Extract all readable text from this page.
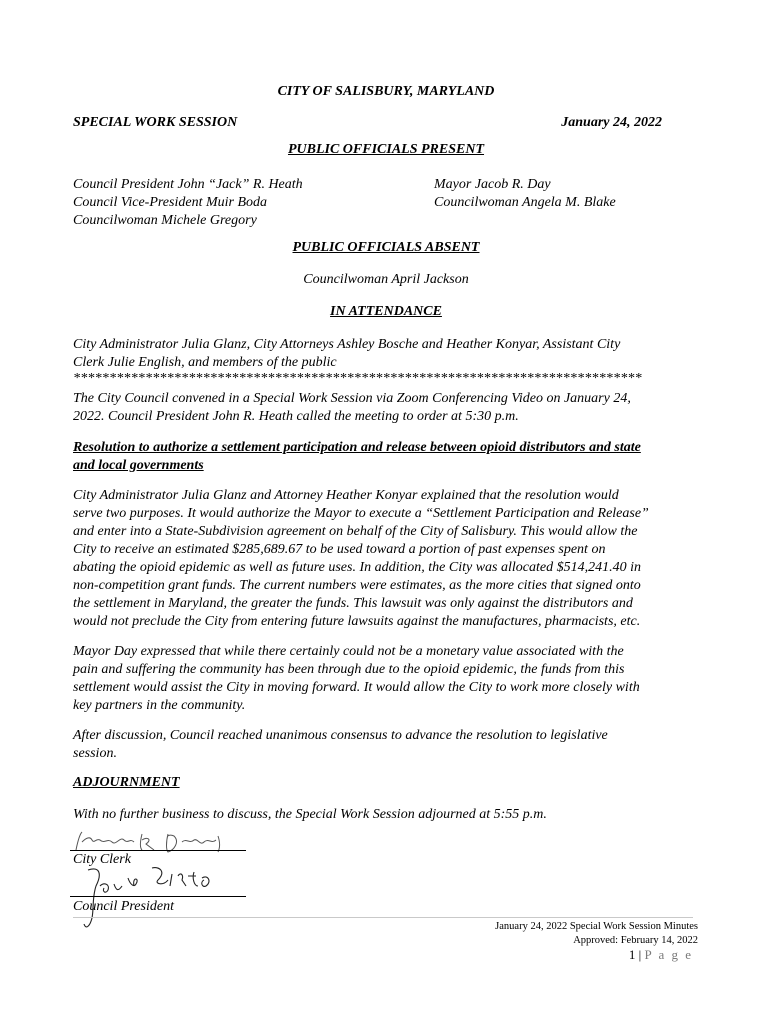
CITY OF SALISBURY, MARYLAND
SPECIAL WORK SESSION	January 24, 2022
PUBLIC OFFICIALS PRESENT
Council President John “Jack” R. Heath
Council Vice-President Muir Boda
Councilwoman Michele Gregory
Mayor Jacob R. Day
Councilwoman Angela M. Blake
PUBLIC OFFICIALS ABSENT
Councilwoman April Jackson
IN ATTENDANCE
City Administrator Julia Glanz, City Attorneys Ashley Bosche and Heather Konyar, Assistant City
Clerk Julie English, and members of the public
*******************************************************************************
The City Council convened in a Special Work Session via Zoom Conferencing Video on January 24,
2022. Council President John R. Heath called the meeting to order at 5:30 p.m.
Resolution to authorize a settlement participation and release between opioid distributors and state
and local governments
City Administrator Julia Glanz and Attorney Heather Konyar explained that the resolution would
serve two purposes. It would authorize the Mayor to execute a “Settlement Participation and Release”
and enter into a State-Subdivision agreement on behalf of the City of Salisbury. This would allow the
City to receive an estimated $285,689.67 to be used toward a portion of past expenses spent on
abating the opioid epidemic as well as future uses. In addition, the City was allocated $514,241.40 in
non-competition grant funds. The current numbers were estimates, as the more cities that signed onto
the settlement in Maryland, the greater the funds. This lawsuit was only against the distributors and
would not preclude the City from entering future lawsuits against the manufactures, pharmacists, etc.
Mayor Day expressed that while there certainly could not be a monetary value associated with the
pain and suffering the community has been through due to the opioid epidemic, the funds from this
settlement would assist the City in moving forward. It would allow the City to work more closely with
key partners in the community.
After discussion, Council reached unanimous consensus to advance the resolution to legislative
session.
ADJOURNMENT
With no further business to discuss, the Special Work Session adjourned at 5:55 p.m.
City Clerk
Council President
January 24, 2022 Special Work Session Minutes
Approved: February 14, 2022
1 | P a g e
